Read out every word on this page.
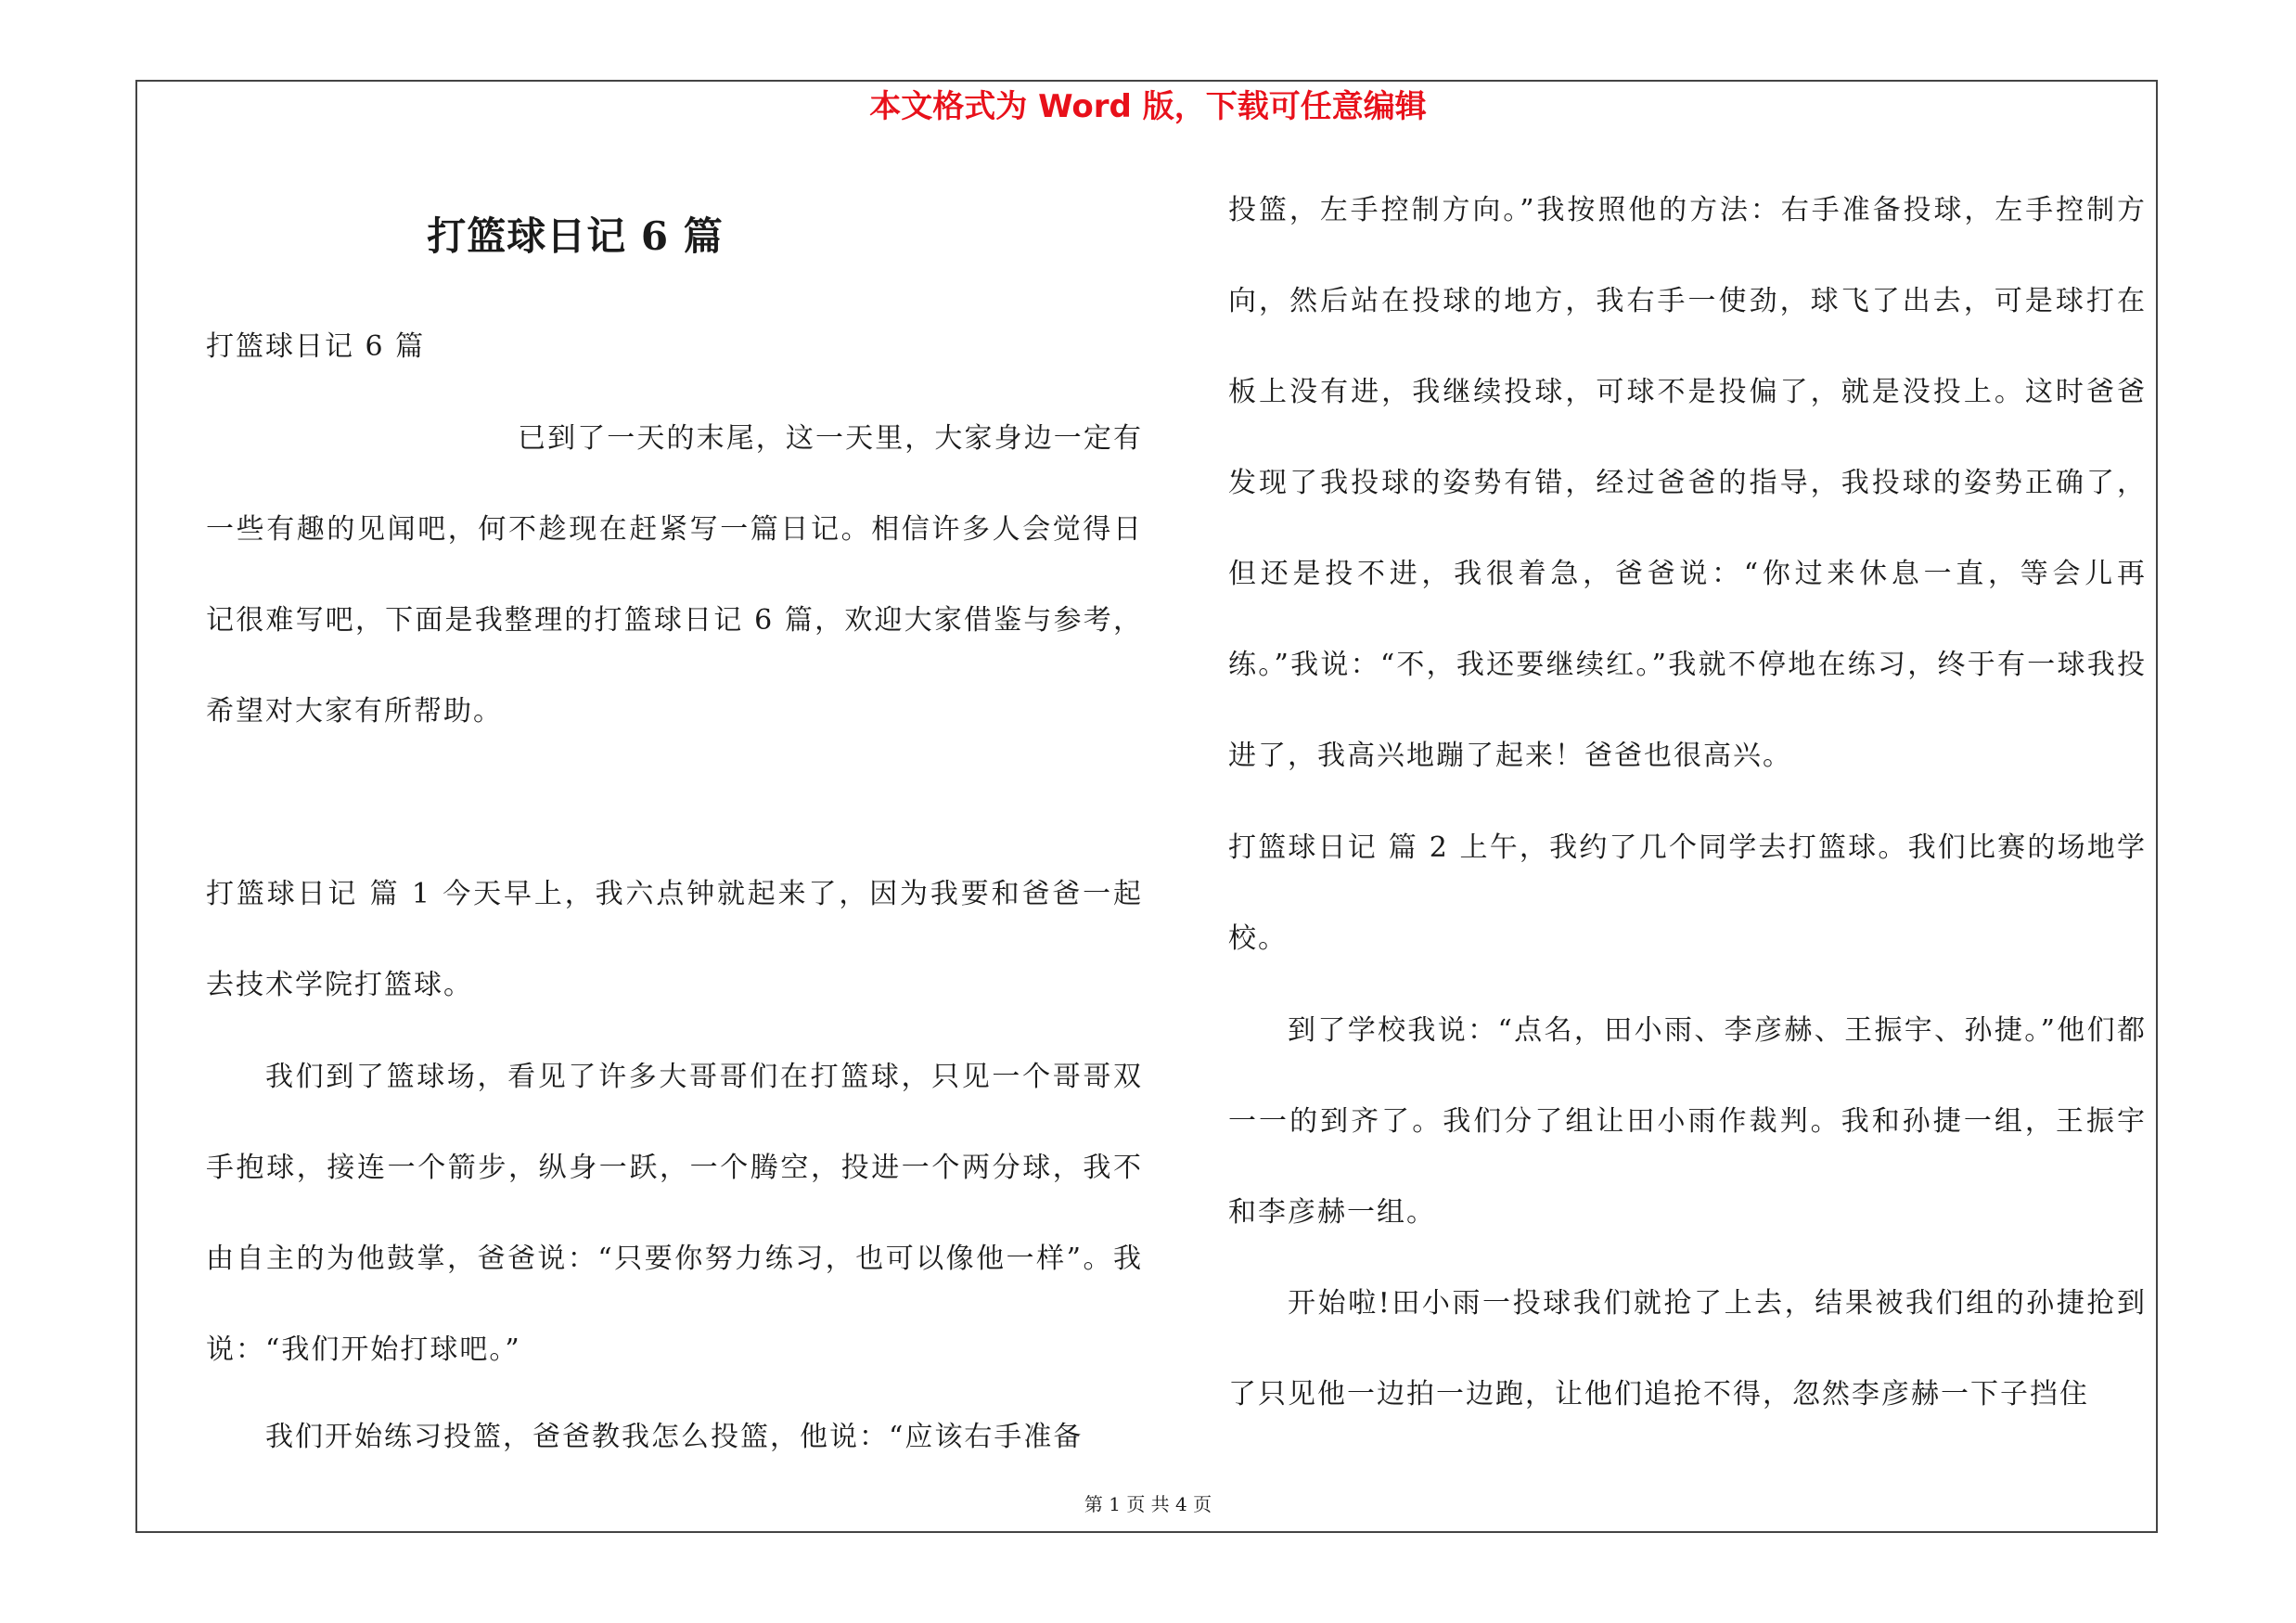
本文格式为 Word 版，下载可任意编辑
打篮球日记 6 篇
打篮球日记 6 篇

已到了一天的末尾，这一天里，大家身边一定有一些有趣的见闻吧，何不趁现在赶紧写一篇日记。相信许多人会觉得日记很难写吧，下面是我整理的打篮球日记 6 篇，欢迎大家借鉴与参考，希望对大家有所帮助。

打篮球日记 篇 1 今天早上，我六点钟就起来了，因为我要和爸爸一起去技术学院打篮球。

我们到了篮球场，看见了许多大哥哥们在打篮球，只见一个哥哥双手抱球，接连一个箭步，纵身一跃，一个腾空，投进一个两分球，我不由自主的为他鼓掌，爸爸说：“只要你努力练习，也可以像他一样”。我说：“我们开始打球吧。”

我们开始练习投篮，爸爸教我怎么投篮，他说：“应该右手准备

投篮，左手控制方向。”我按照他的方法：右手准备投球，左手控制方向，然后站在投球的地方，我右手一使劲，球飞了出去，可是球打在板上没有进，我继续投球，可球不是投偏了，就是没投上。这时爸爸发现了我投球的姿势有错，经过爸爸的指导，我投球的姿势正确了，但还是投不进，我很着急，爸爸说：“你过来休息一直，等会儿再练。”我说：“不，我还要继续红。”我就不停地在练习，终于有一球我投进了，我高兴地蹦了起来！爸爸也很高兴。

打篮球日记 篇 2 上午，我约了几个同学去打篮球。我们比赛的场地学校。

到了学校我说：“点名，田小雨、李彦赫、王振宇、孙捷。”他们都一一的到齐了。我们分了组让田小雨作裁判。我和孙捷一组，王振宇和李彦赫一组。

开始啦!田小雨一投球我们就抢了上去，结果被我们组的孙捷抢到了只见他一边拍一边跑，让他们追抢不得，忽然李彦赫一下子挡住

第 1 页 共 4 页
